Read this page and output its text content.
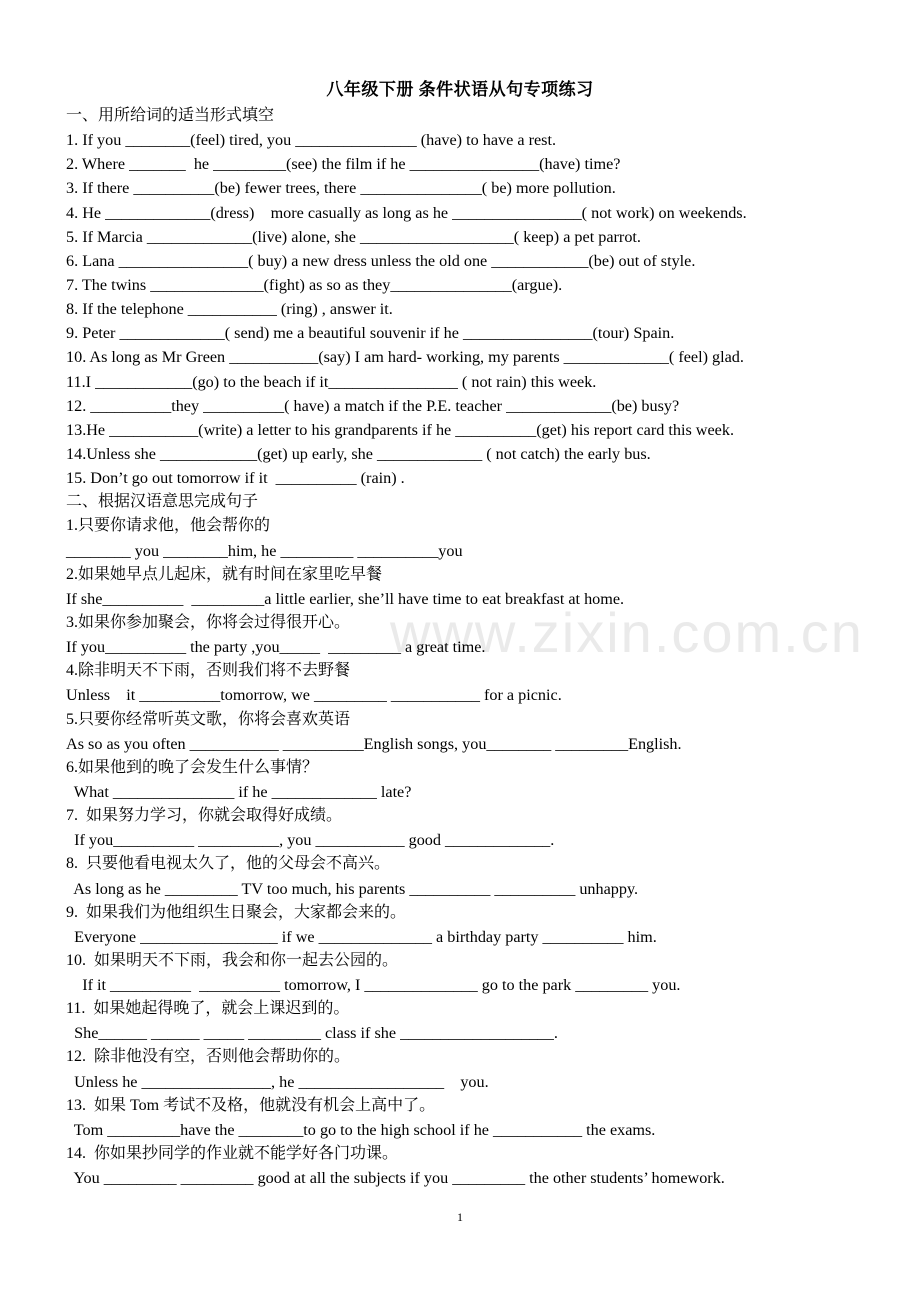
www.zixin.com.cn
八年级下册 条件状语从句专项练习
一、用所给词的适当形式填空
1. If you ________(feel) tired, you _______________ (have) to have a rest.
2. Where _______  he _________(see) the film if he ________________(have) time?
3. If there __________(be) fewer trees, there _______________( be) more pollution.
4. He _____________(dress)    more casually as long as he ________________( not work) on weekends.
5. If Marcia _____________(live) alone, she ___________________( keep) a pet parrot.
6. Lana ________________( buy) a new dress unless the old one ____________(be) out of style.
7. The twins ______________(fight) as so as they_______________(argue).
8. If the telephone ___________ (ring) , answer it.
9. Peter _____________( send) me a beautiful souvenir if he ________________(tour) Spain.
10. As long as Mr Green ___________(say) I am hard- working, my parents _____________( feel) glad.
11.I ____________(go) to the beach if it________________ ( not rain) this week.
12. __________they __________( have) a match if the P.E. teacher _____________(be) busy?
13.He ___________(write) a letter to his grandparents if he __________(get) his report card this week.
14.Unless she ____________(get) up early, she _____________ ( not catch) the early bus.
15. Don’t go out tomorrow if it  __________ (rain) .
二、根据汉语意思完成句子
1.只要你请求他，他会帮你的
________ you ________him, he _________ __________you
2.如果她早点儿起床，就有时间在家里吃早餐
If she__________  _________a little earlier, she’ll have time to eat breakfast at home.
3.如果你参加聚会，你将会过得很开心。
If you__________ the party ,you_____  _________ a great time.
4.除非明天不下雨，否则我们将不去野餐
Unless    it __________tomorrow, we _________ ___________ for a picnic.
5.只要你经常听英文歌，你将会喜欢英语
As so as you often ___________ __________English songs, you________ _________English.
6.如果他到的晚了会发生什么事情？
What _______________ if he _____________ late?
7.  如果努力学习，你就会取得好成绩。
If you__________ __________, you ___________ good _____________.
8.  只要他看电视太久了，他的父母会不高兴。
As long as he _________ TV too much, his parents __________ __________ unhappy.
9.  如果我们为他组织生日聚会，大家都会来的。
Everyone _________________ if we ______________ a birthday party __________ him.
10.  如果明天不下雨，我会和你一起去公园的。
If it __________  __________ tomorrow, I ______________ go to the park _________ you.
11.  如果她起得晚了，就会上课迟到的。
She______ ______ _____ _________ class if she ___________________.
12.  除非他没有空，否则他会帮助你的。
Unless he ________________, he __________________    you.
13.  如果 Tom 考试不及格，他就没有机会上高中了。
Tom _________have the ________to go to the high school if he ___________ the exams.
14.  你如果抄同学的作业就不能学好各门功课。
You _________ _________ good at all the subjects if you _________ the other students’ homework.
1
